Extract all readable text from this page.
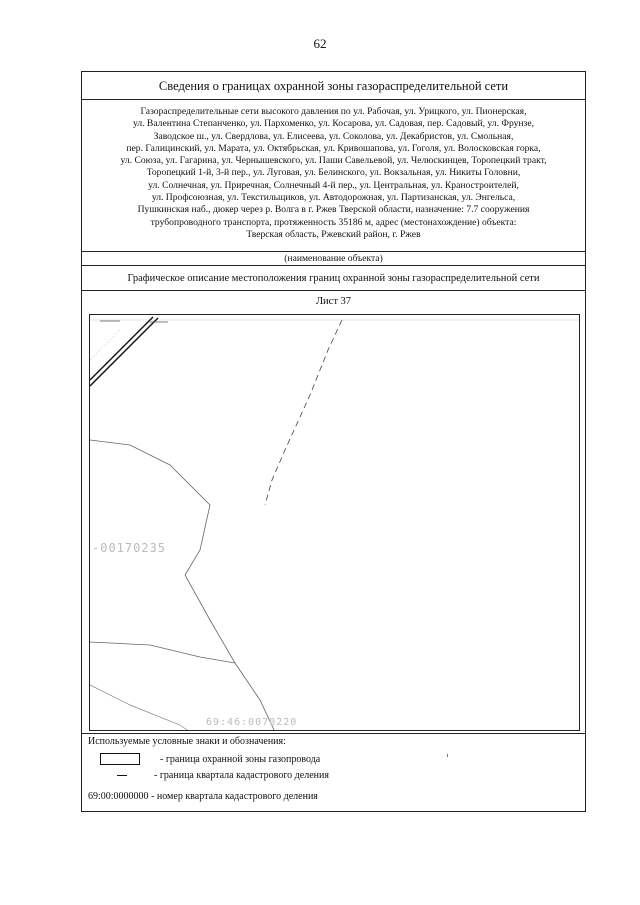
62
Сведения о границах охранной зоны газораспределительной сети
Газораспределительные сети высокого давления по ул. Рабочая, ул. Урицкого, ул. Пионерская,
ул. Валентина Степанченко, ул. Пархоменко, ул. Косарова, ул. Садовая, пер. Садовый, ул. Фрунзе,
Заводское ш., ул. Свердлова, ул. Елисеева, ул. Соколова, ул. Декабристов, ул. Смольная,
пер. Галицинский, ул. Марата, ул. Октябрьская, ул. Кривошапова, ул. Гоголя, ул. Волосковская горка,
ул. Союза, ул. Гагарина, ул. Чернышевского, ул. Паши Савельевой, ул. Челюскинцев, Торопецкий тракт,
Торопецкий 1-й, 3-й пер., ул. Луговая, ул. Белинского, ул. Вокзальная, ул. Никиты Головни,
ул. Солнечная, ул. Приречная, Солнечный 4-й пер., ул. Центральная, ул. Краностроителей,
ул. Профсоюзная, ул. Текстильщиков, ул. Автодорожная, ул. Партизанская, ул. Энгельса,
Пушкинская наб., дюкер через р. Волга в г. Ржев Тверской области, назначение: 7.7 сооружения
трубопроводного транспорта, протяженность 35186 м, адрес (местонахождение) объекта:
Тверская область, Ржевский район, г. Ржев
(наименование объекта)
Графическое описание местоположения границ охранной зоны газораспределительной сети
Лист 37
-00170235
69:46:0070220
Используемые условные знаки и обозначения:
- граница охранной зоны газопровода
- граница квартала кадастрового деления
69:00:0000000 - номер квартала кадастрового деления
